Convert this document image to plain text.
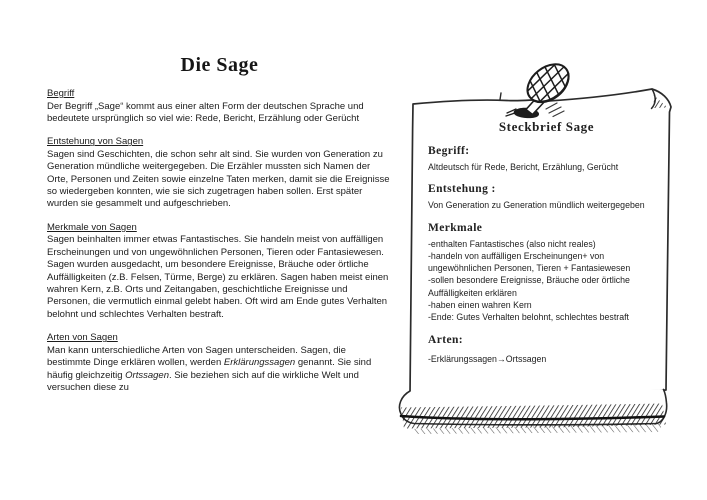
Die Sage
Begriff
Der Begriff „Sage“ kommt aus einer alten Form der deutschen Sprache und bedeutete ursprünglich so viel wie: Rede, Bericht, Erzählung oder Gerücht
Entstehung von Sagen
Sagen sind Geschichten, die schon sehr alt sind. Sie wurden von Generation zu Generation mündliche weitergegeben. Die Erzähler mussten sich Namen der Orte, Personen und Zeiten sowie einzelne Taten merken, damit sie die Ereignisse so wiedergeben konnten, wie sie sich zugetragen haben sollen. Erst später wurden sie gesammelt und aufgeschrieben.
Merkmale von Sagen
Sagen beinhalten immer etwas Fantastisches. Sie handeln meist von auffälligen Erscheinungen und von ungewöhnlichen Personen, Tieren oder Fantasiewesen. Sagen wurden ausgedacht, um besondere Ereignisse, Bräuche oder örtliche Auffälligkeiten (z.B. Felsen, Türme, Berge) zu erklären. Sagen haben meist einen wahren Kern, z.B. Orts und Zeitangaben, geschichtliche Ereignisse und Personen, die vermutlich einmal gelebt haben. Oft wird am Ende gutes Verhalten belohnt und schlechtes Verhalten bestraft.
Arten von Sagen
Man kann unterschiedliche Arten von Sagen unterscheiden. Sagen, die bestimmte Dinge erklären wollen, werden Erklärungssagen genannt. Sie sind häufig gleichzeitig Ortssagen. Sie beziehen sich auf die wirkliche Welt und versuchen diese zu
Steckbrief Sage
Begriff:
Altdeutsch für Rede, Bericht, Erzählung, Gerücht
Entstehung :
Von Generation zu Generation mündlich weitergegeben
Merkmale
-enthalten Fantastisches (also nicht reales)
-handeln von auffälligen Erscheinungen+ von
ungewöhnlichen Personen, Tieren + Fantasiewesen
-sollen besondere Ereignisse, Bräuche oder örtliche
Auffälligkeiten erklären
-haben einen wahren Kern
-Ende: Gutes Verhalten belohnt, schlechtes bestraft
Arten:
-Erklärungssagen→Ortssagen
